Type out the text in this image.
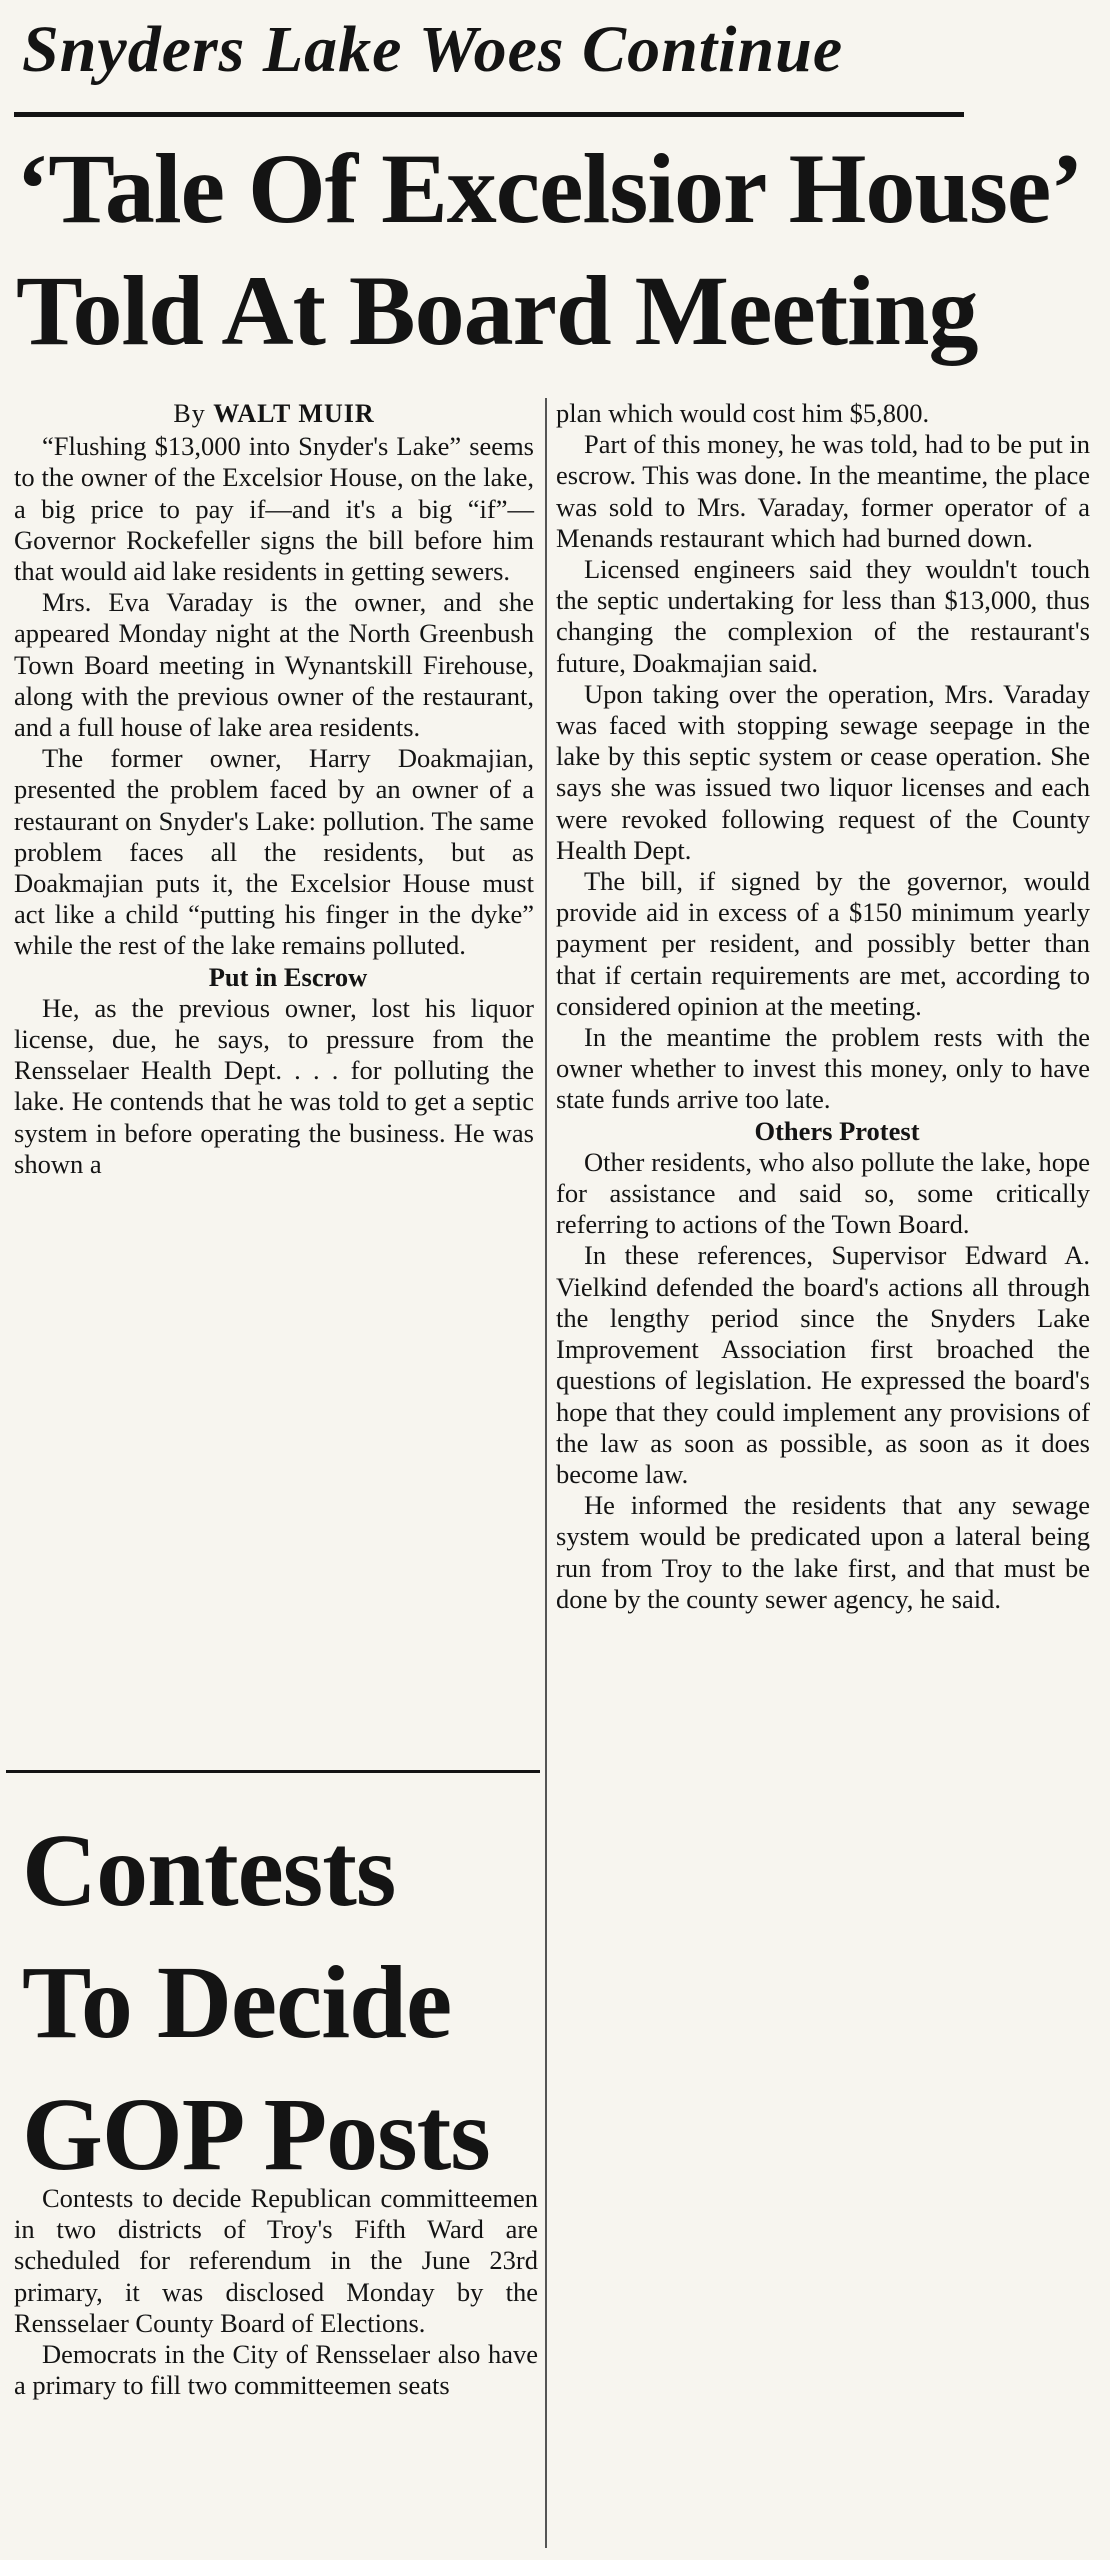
Snyders Lake Woes Continue
‘Tale Of Excelsior House’
Told At Board Meeting
By WALT MUIR

“Flushing $13,000 into Snyder's Lake” seems to the owner of the Excelsior House, on the lake, a big price to pay if—and it's a big “if”—Governor Rockefeller signs the bill before him that would aid lake residents in getting sewers.

Mrs. Eva Varaday is the owner, and she appeared Monday night at the North Greenbush Town Board meeting in Wynantskill Firehouse, along with the previous owner of the restaurant, and a full house of lake area residents.

The former owner, Harry Doakmajian, presented the problem faced by an owner of a restaurant on Snyder's Lake: pollution. The same problem faces all the residents, but as Doakmajian puts it, the Excelsior House must act like a child “putting his finger in the dyke” while the rest of the lake remains polluted.

Put in Escrow

He, as the previous owner, lost his liquor license, due, he says, to pressure from the Rensselaer Health Dept. . . . for polluting the lake. He contends that he was told to get a septic system in before operating the business. He was shown a

plan which would cost him $5,800.

Part of this money, he was told, had to be put in escrow. This was done. In the meantime, the place was sold to Mrs. Varaday, former operator of a Menands restaurant which had burned down.

Licensed engineers said they wouldn't touch the septic undertaking for less than $13,000, thus changing the complexion of the restaurant's future, Doakmajian said.

Upon taking over the operation, Mrs. Varaday was faced with stopping sewage seepage in the lake by this septic system or cease operation. She says she was issued two liquor licenses and each were revoked following request of the County Health Dept.

The bill, if signed by the governor, would provide aid in excess of a $150 minimum yearly payment per resident, and possibly better than that if certain requirements are met, according to considered opinion at the meeting.

In the meantime the problem rests with the owner whether to invest this money, only to have state funds arrive too late.

Others Protest

Other residents, who also pollute the lake, hope for assistance and said so, some critically referring to actions of the Town Board.

In these references, Supervisor Edward A. Vielkind defended the board's actions all through the lengthy period since the Snyders Lake Improvement Association first broached the questions of legislation. He expressed the board's hope that they could implement any provisions of the law as soon as possible, as soon as it does become law.

He informed the residents that any sewage system would be predicated upon a lateral being run from Troy to the lake first, and that must be done by the county sewer agency, he said.

Contests
To Decide
GOP Posts

Contests to decide Republican committeemen in two districts of Troy's Fifth Ward are scheduled for referendum in the June 23rd primary, it was disclosed Monday by the Rensselaer County Board of Elections.

Democrats in the City of Rensselaer also have a primary to fill two committeemen seats
